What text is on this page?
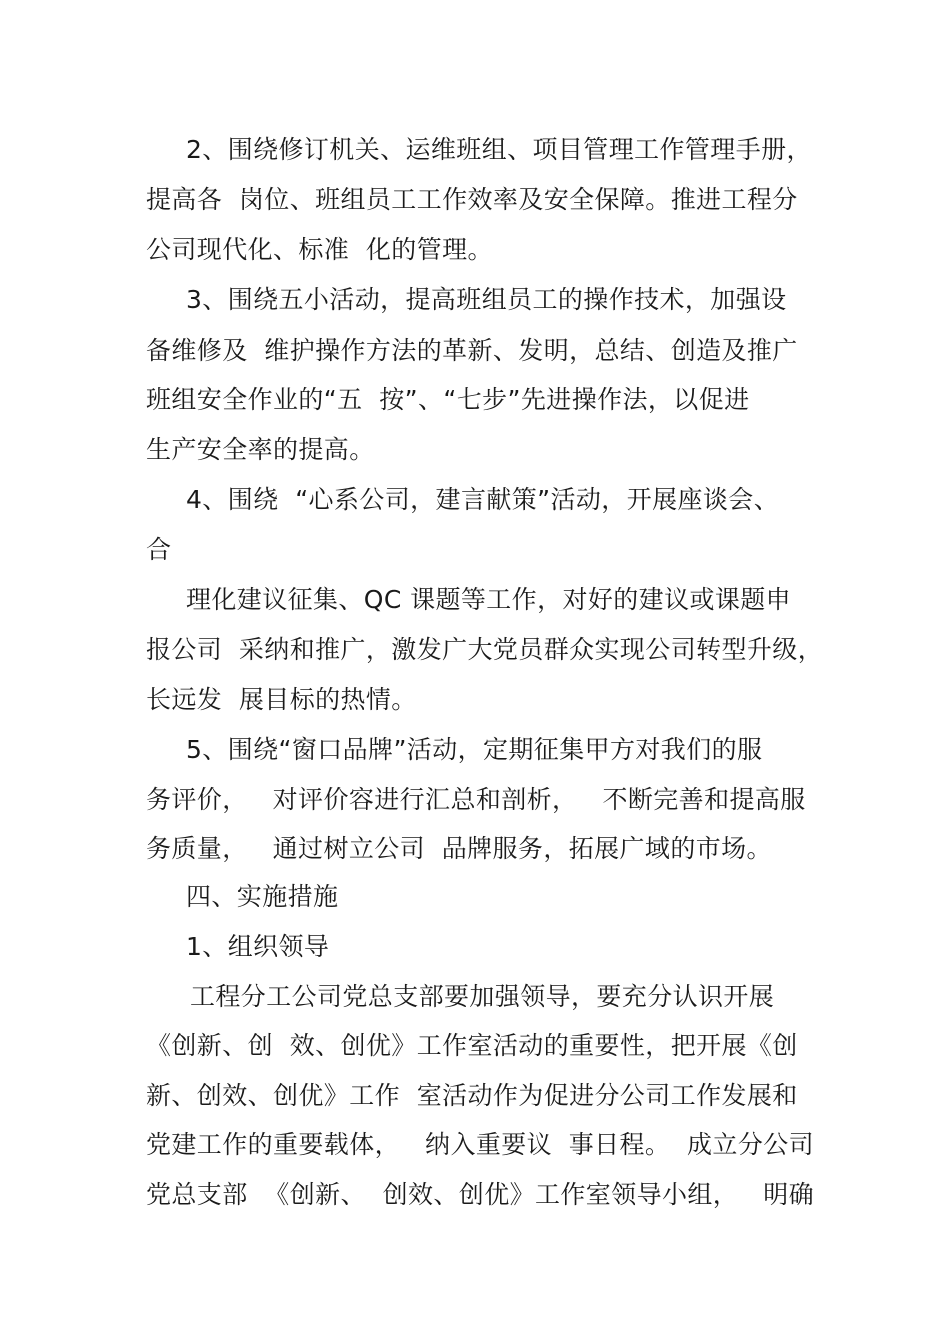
2、围绕修订机关、运维班组、项目管理工作管理手册，
提高各  岗位、班组员工工作效率及安全保障。推进工程分
公司现代化、标准  化的管理。
3、围绕五小活动，提高班组员工的操作技术，加强设
备维修及  维护操作方法的革新、发明，总结、创造及推广
班组安全作业的“五  按”、“七步”先进操作法，以促进
生产安全率的提高。
4、围绕  “心系公司，建言献策”活动，开展座谈会、
合
理化建议征集、QC 课题等工作，对好的建议或课题申
报公司  采纳和推广，激发广大党员群众实现公司转型升级，
长远发  展目标的热情。
5、围绕“窗口品牌”活动，定期征集甲方对我们的服
务评价，   对评价容进行汇总和剖析，   不断完善和提高服
务质量，   通过树立公司  品牌服务，拓展广域的市场。
四、实施措施
1、组织领导
工程分工公司党总支部要加强领导，要充分认识开展
《创新、创  效、创优》工作室活动的重要性，把开展《创
新、创效、创优》工作  室活动作为促进分公司工作发展和
党建工作的重要载体，   纳入重要议  事日程。  成立分公司
党总支部  《创新、  创效、创优》工作室领导小组，   明确
